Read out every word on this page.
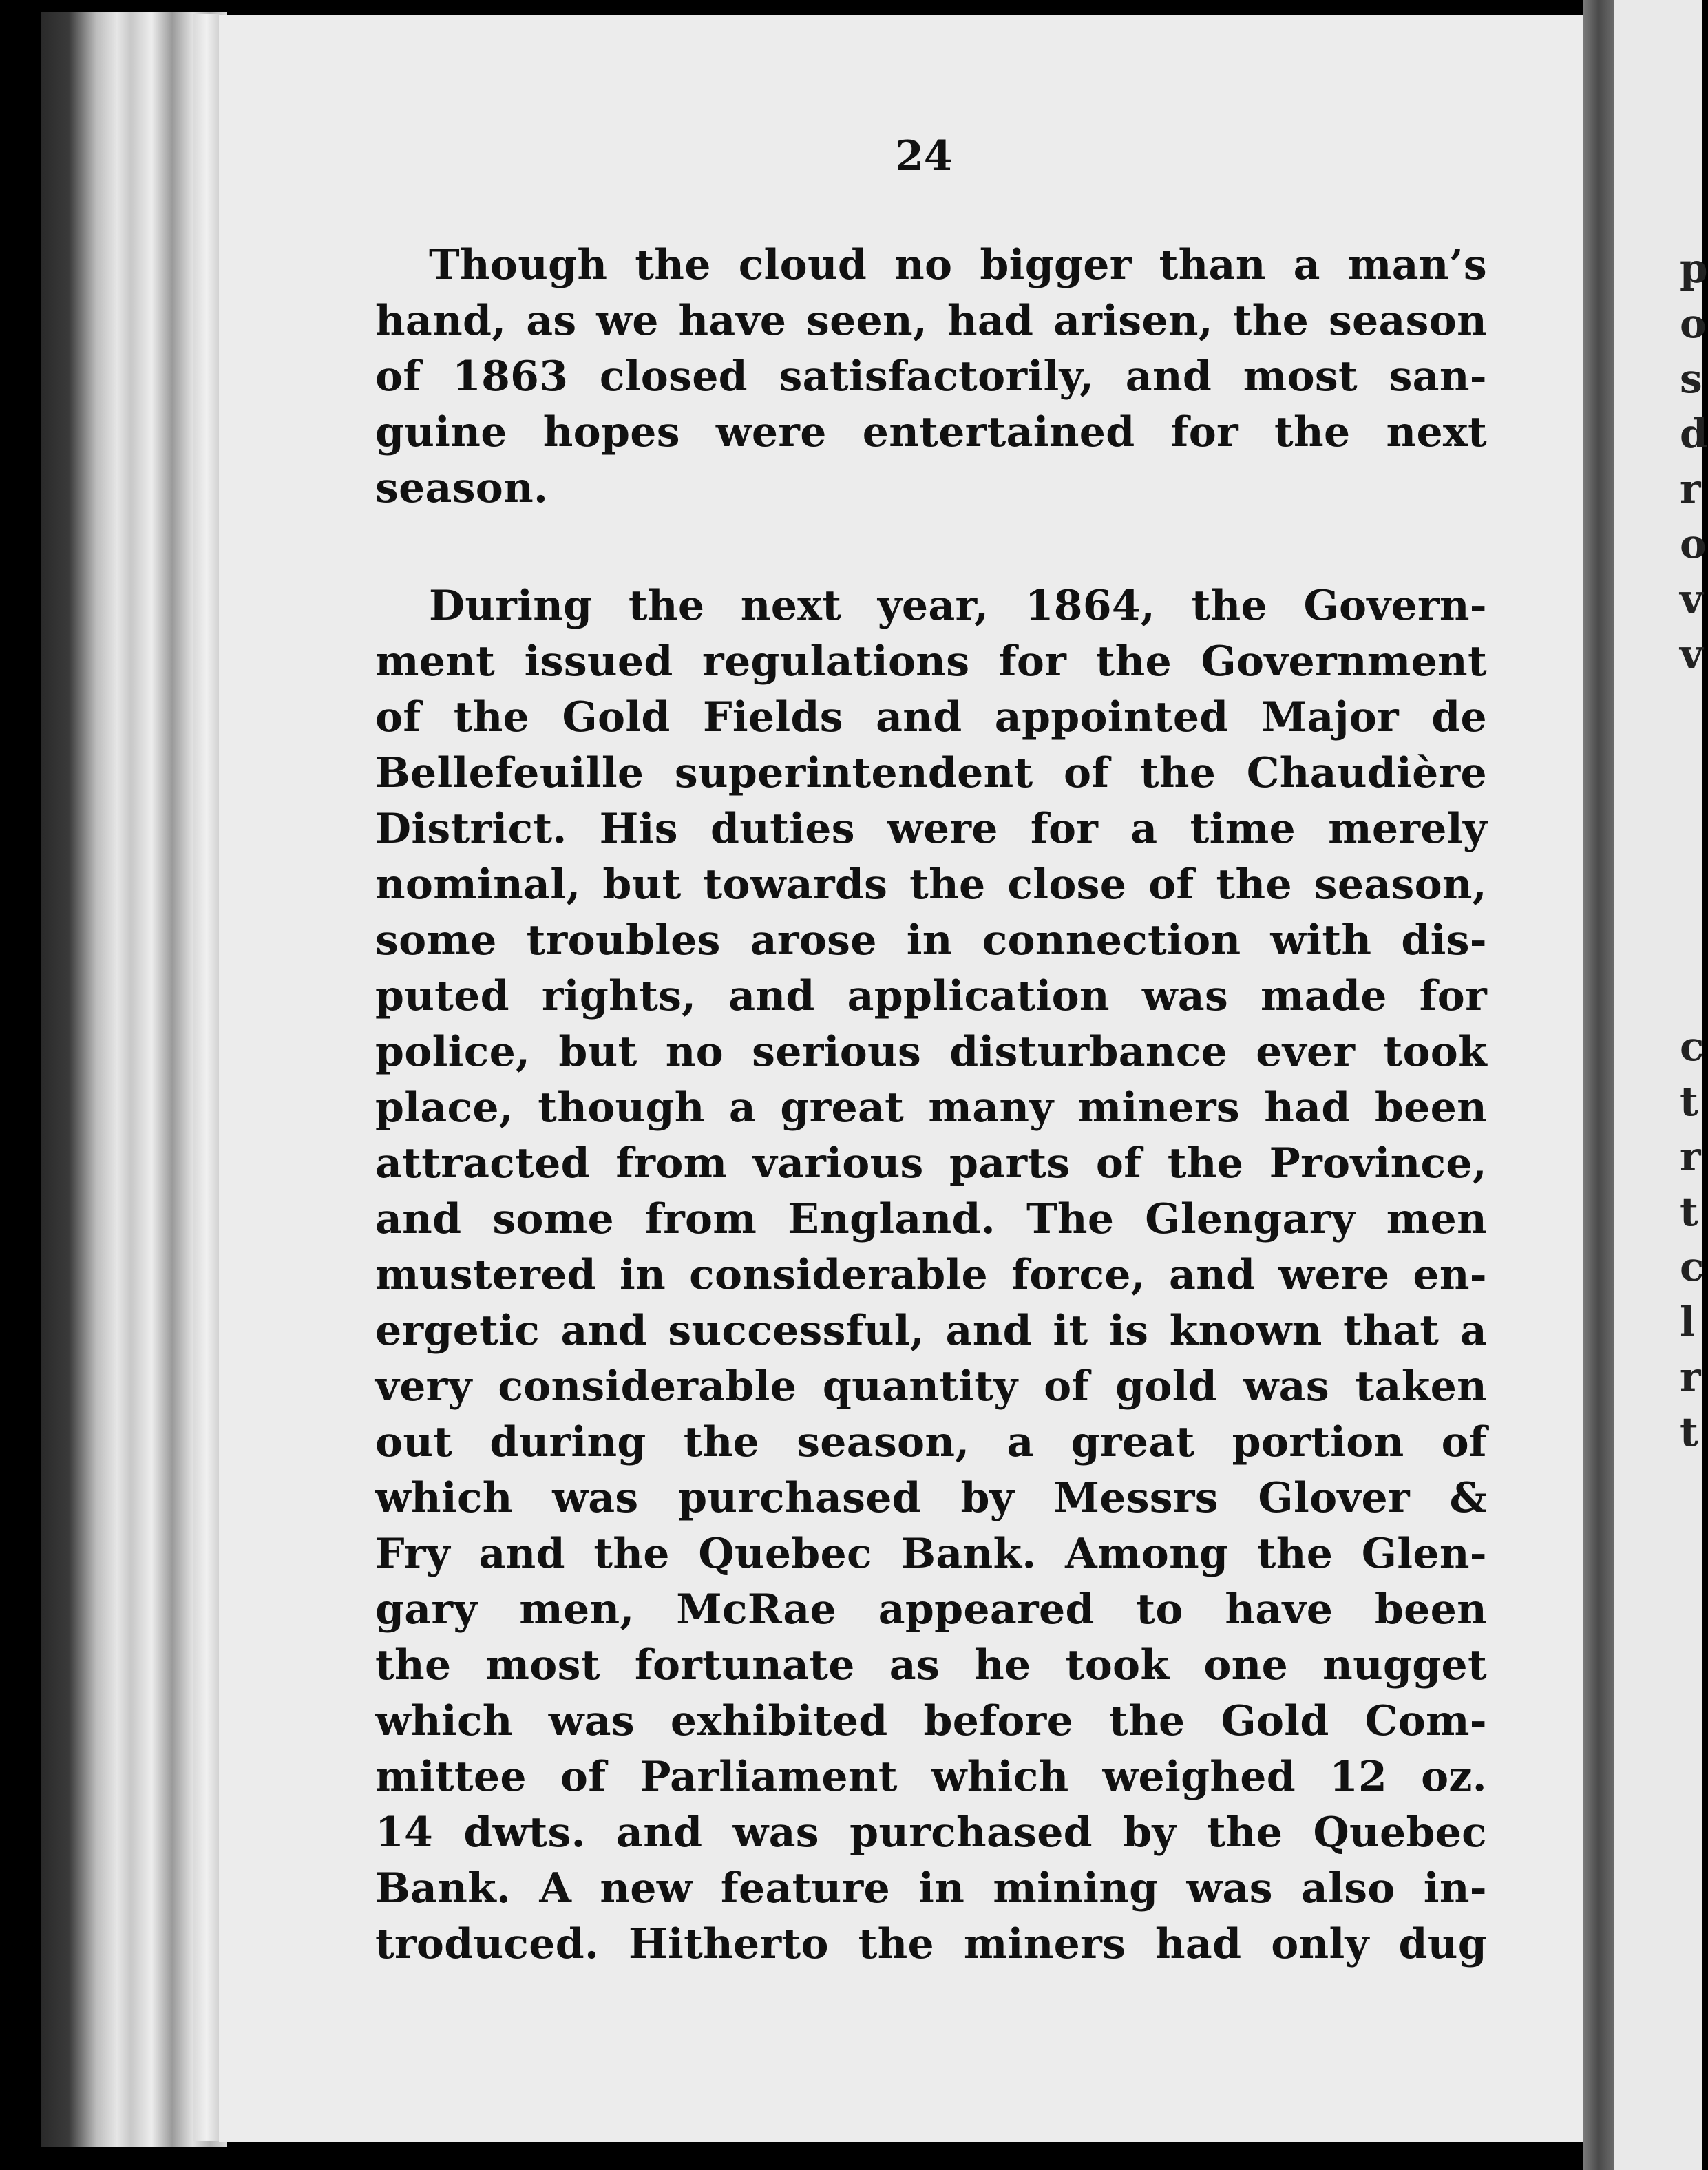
24
Though the cloud no bigger than a man’s
hand, as we have seen, had arisen, the season
of 1863 closed satisfactorily, and most san-
guine hopes were entertained for the next
season.
During the next year, 1864, the Govern-
ment issued regulations for the Government
of the Gold Fields and appointed Major de
Bellefeuille superintendent of the Chaudière
District. His duties were for a time merely
nominal, but towards the close of the season,
some troubles arose in connection with dis-
puted rights, and application was made for
police, but no serious disturbance ever took
place, though a great many miners had been
attracted from various parts of the Province,
and some from England. The Glengary men
mustered in considerable force, and were en-
ergetic and successful, and it is known that a
very considerable quantity of gold was taken
out during the season, a great portion of
which was purchased by Messrs Glover &
Fry and the Quebec Bank. Among the Glen-
gary men, McRae appeared to have been
the most fortunate as he took one nugget
which was exhibited before the Gold Com-
mittee of Parliament which weighed 12 oz.
14 dwts. and was purchased by the Quebec
Bank. A new feature in mining was also in-
troduced. Hitherto the miners had only dug
p
o
s
d
r
o
v
v
c
t
r
t
c
l
r
t
